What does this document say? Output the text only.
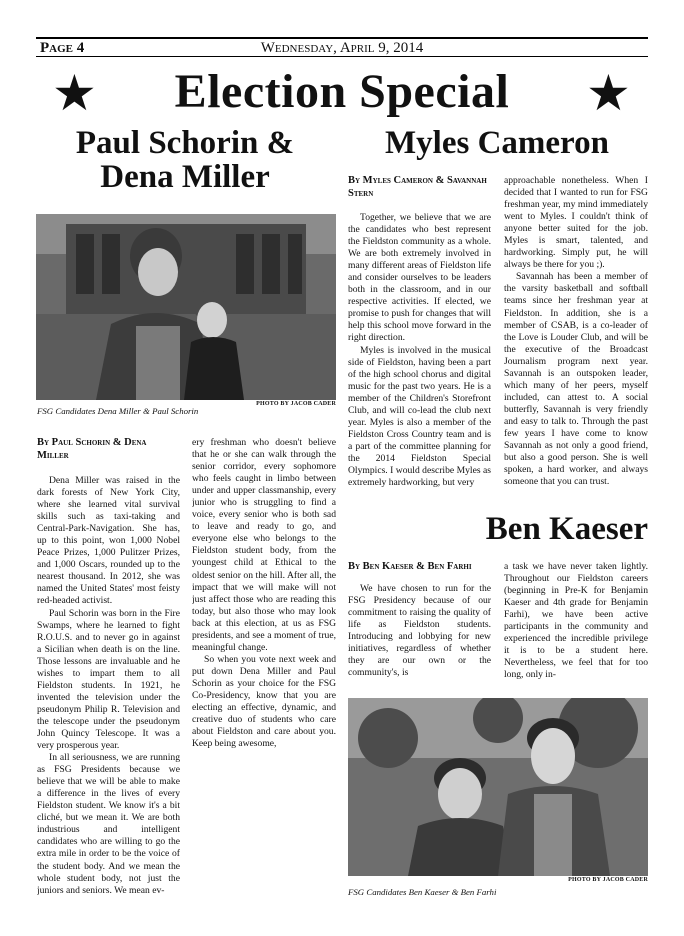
Page 4	Wednesday, April 9, 2014
★	Election Special	★
Paul Schorin & Dena Miller
PHOTO BY JACOB CADER
FSG Candidates Dena Miller & Paul Schorin
By Paul Schorin & Dena Miller

Dena Miller was raised in the dark forests of New York City, where she learned vital survival skills such as taxi-taking and Central-Park-Navigation. She has, up to this point, won 1,000 Nobel Peace Prizes, 1,000 Pulitzer Prizes, and 1,000 Oscars, rounded up to the nearest thousand. In 2012, she was named the United States' most feisty red-headed activist.

Paul Schorin was born in the Fire Swamps, where he learned to fight R.O.U.S. and to never go in against a Sicilian when death is on the line. Those lessons are invaluable and he wishes to impart them to all Fieldston students. In 1921, he invented the television under the pseudonym Philip R. Television and the telescope under the pseudonym John Quincy Telescope. It was a very prosperous year.

In all seriousness, we are running as FSG Presidents because we believe that we will be able to make a difference in the lives of every Fieldston student. We know it's a bit cliché, but we mean it. We are both industrious and intelligent candidates who are willing to go the extra mile in order to be the voice of the student body. And we mean the whole student body, not just the juniors and seniors. We mean ev-

ery freshman who doesn't believe that he or she can walk through the senior corridor, every sophomore who feels caught in limbo between under and upper classmanship, every junior who is struggling to find a voice, every senior who is both sad to leave and ready to go, and everyone else who belongs to the Fieldston student body, from the youngest child at Ethical to the oldest senior on the hill. After all, the impact that we will make will not just affect those who are reading this today, but also those who may look back at this election, at us as FSG presidents, and see a moment of true, meaningful change.

So when you vote next week and put down Dena Miller and Paul Schorin as your choice for the FSG Co-Presidency, know that you are electing an effective, dynamic, and creative duo of students who care about Fieldston and care about you. Keep being awesome,

Myles Cameron
By Myles Cameron & Savannah Stern

Together, we believe that we are the candidates who best represent the Fieldston community as a whole. We are both extremely involved in many different areas of Fieldston life and consider ourselves to be leaders both in the classroom, and in our respective activities. If elected, we promise to push for changes that will help this school move forward in the right direction.

Myles is involved in the musical side of Fieldston, having been a part of the high school chorus and digital music for the past two years. He is a member of the Children's Storefront Club, and will co-lead the club next year. Myles is also a member of the Fieldston Cross Country team and is a part of the committee planning for the 2014 Fieldston Special Olympics. I would describe Myles as extremely hardworking, but very

approachable nonetheless. When I decided that I wanted to run for FSG freshman year, my mind immediately went to Myles. I couldn't think of anyone better suited for the job. Myles is smart, talented, and hardworking. Simply put, he will always be there for you ;).

Savannah has been a member of the varsity basketball and softball teams since her freshman year at Fieldston. In addition, she is a member of CSAB, is a co-leader of the Love is Louder Club, and will be the executive of the Broadcast Journalism program next year. Savannah is an outspoken leader, which many of her peers, myself included, can attest to. A social butterfly, Savannah is very friendly and easy to talk to. Through the past few years I have come to know Savannah as not only a good friend, but also a good person. She is well spoken, a hard worker, and always someone that you can trust.

Ben Kaeser
By Ben Kaeser & Ben Farhi

We have chosen to run for the FSG Presidency because of our commitment to raising the quality of life as Fieldston students. Introducing and lobbying for new initiatives, regardless of whether they are our own or the community's, is

a task we have never taken lightly. Throughout our Fieldston careers (beginning in Pre-K for Benjamin Kaeser and 4th grade for Benjamin Farhi), we have been active participants in the community and experienced the incredible privilege it is to be a student here. Nevertheless, we feel that for too long, only in-

PHOTO BY JACOB CADER
FSG Candidates Ben Kaeser & Ben Farhi
